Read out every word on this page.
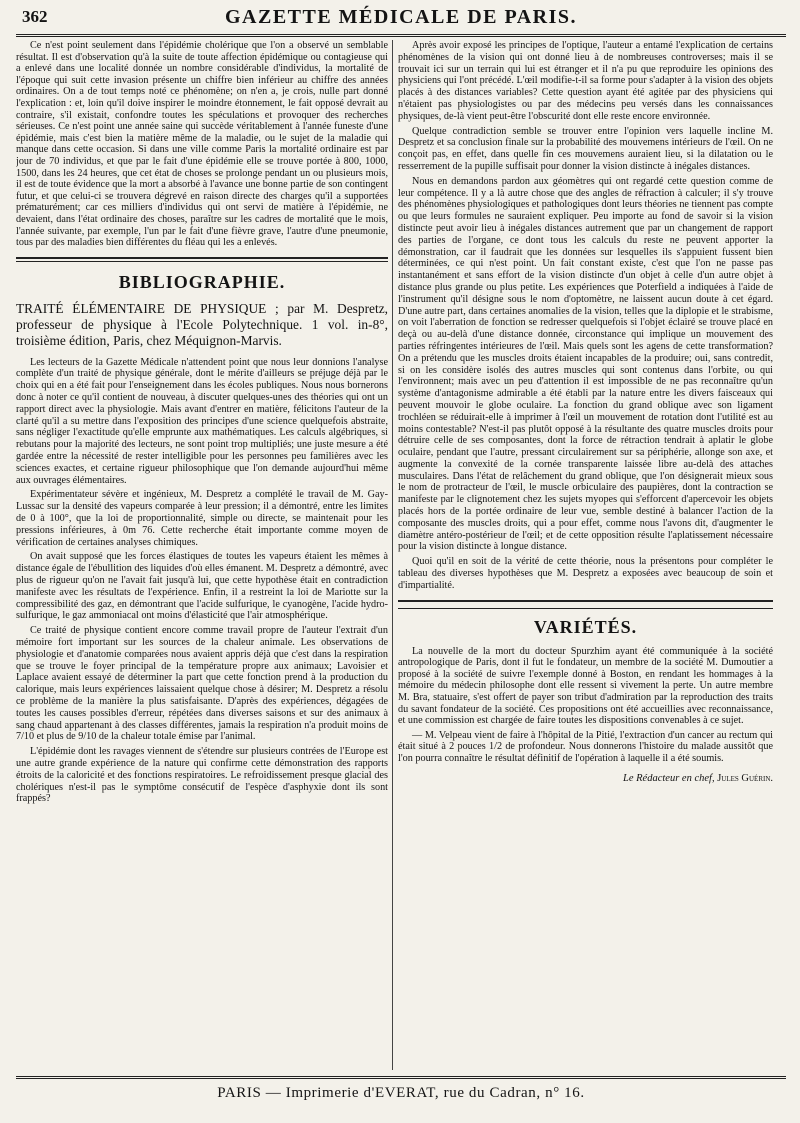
362	GAZETTE MÉDICALE DE PARIS.

Ce n'est point seulement dans l'épidémie cholérique que l'on a observé un semblable résultat. Il est d'observation qu'à la suite de toute affection épidémique ou contagieuse qui a enlevé dans une localité donnée un nombre considérable d'individus, la mortalité de l'époque qui suit cette invasion présente un chiffre bien inférieur au chiffre des années ordinaires. On a de tout temps noté ce phénomène; on n'en a, je crois, nulle part donné l'explication : et, loin qu'il doive inspirer le moindre étonnement, le fait opposé devrait au contraire, s'il existait, confondre toutes les spéculations et provoquer des recherches sérieuses. Ce n'est point une année saine qui succède véritablement à l'année funeste d'une épidémie, mais c'est bien la matière même de la maladie, ou le sujet de la maladie qui manque dans cette occasion. Si dans une ville comme Paris la mortalité ordinaire est par jour de 70 individus, et que par le fait d'une épidémie elle se trouve portée à 800, 1000, 1500, dans les 24 heures, que cet état de choses se prolonge pendant un ou plusieurs mois, il est de toute évidence que la mort a absorbé à l'avance une bonne partie de son contingent futur, et que celui-ci se trouvera dégrevé en raison directe des charges qu'il a supportées prématurément; car ces milliers d'individus qui ont servi de matière à l'épidémie, ne devaient, dans l'état ordinaire des choses, paraître sur les cadres de mortalité que le mois, l'année suivante, par exemple, l'un par le fait d'une fièvre grave, l'autre d'une pneumonie, tous par des maladies bien différentes du fléau qui les a enlevés.

BIBLIOGRAPHIE.

TRAITÉ ÉLÉMENTAIRE DE PHYSIQUE ; par M. Despretz, professeur de physique à l'Ecole Polytechnique. 1 vol. in-8°, troisième édition, Paris, chez Méquignon-Marvis.

Les lecteurs de la Gazette Médicale n'attendent point que nous leur donnions l'analyse complète d'un traité de physique générale, dont le mérite d'ailleurs se préjuge déjà par le choix qui en a été fait pour l'enseignement dans les écoles publiques. Nous nous bornerons donc à noter ce qu'il contient de nouveau, à discuter quelques-unes des théories qui ont un rapport direct avec la physiologie. Mais avant d'entrer en matière, félicitons l'auteur de la clarté qu'il a su mettre dans l'exposition des principes d'une science quelquefois abstraite, sans négliger l'exactitude qu'elle emprunte aux mathématiques. Les calculs algébriques, si rebutans pour la majorité des lecteurs, ne sont point trop multipliés; une juste mesure a été gardée entre la nécessité de rester intelligible pour les personnes peu familières avec les sciences exactes, et certaine rigueur philosophique que l'on demande aujourd'hui même aux ouvrages élémentaires.

Expérimentateur sévère et ingénieux, M. Despretz a complété le travail de M. Gay-Lussac sur la densité des vapeurs comparée à leur pression; il a démontré, entre les limites de 0 à 100°, que la loi de proportionnalité, simple ou directe, se maintenait pour les pressions inférieures, à 0m 76. Cette recherche était importante comme moyen de vérification de certaines analyses chimiques.

On avait supposé que les forces élastiques de toutes les vapeurs étaient les mêmes à distance égale de l'ébullition des liquides d'où elles émanent. M. Despretz a démontré, avec plus de rigueur qu'on ne l'avait fait jusqu'à lui, que cette hypothèse était en contradiction manifeste avec les résultats de l'expérience. Enfin, il a restreint la loi de Mariotte sur la compressibilité des gaz, en démontrant que l'acide sulfurique, le cyanogène, l'acide hydro-sulfurique, le gaz ammoniacal ont moins d'élasticité que l'air atmosphérique.

Ce traité de physique contient encore comme travail propre de l'auteur l'extrait d'un mémoire fort important sur les sources de la chaleur animale. Les observations de physiologie et d'anatomie comparées nous avaient appris déjà que c'est dans la respiration que se trouve le foyer principal de la température propre aux animaux; Lavoisier et Laplace avaient essayé de déterminer la part que cette fonction prend à la production du calorique, mais leurs expériences laissaient quelque chose à désirer; M. Despretz a résolu ce problème de la manière la plus satisfaisante. D'après des expériences, dégagées de toutes les causes possibles d'erreur, répétées dans diverses saisons et sur des animaux à sang chaud appartenant à des classes différentes, jamais la respiration n'a produit moins de 7/10 et plus de 9/10 de la chaleur totale émise par l'animal.

L'épidémie dont les ravages viennent de s'étendre sur plusieurs contrées de l'Europe est une autre grande expérience de la nature qui confirme cette démonstration des rapports étroits de la caloricité et des fonctions respiratoires. Le refroidissement presque glacial des cholériques n'est-il pas le symptôme consécutif de l'espèce d'asphyxie dont ils sont frappés?

Après avoir exposé les principes de l'optique, l'auteur a entamé l'explication de certains phénomènes de la vision qui ont donné lieu à de nombreuses controverses; mais il se trouvait ici sur un terrain qui lui est étranger et il n'a pu que reproduire les opinions des physiciens qui l'ont précédé. L'œil modifie-t-il sa forme pour s'adapter à la vision des objets placés à des distances variables? Cette question ayant été agitée par des physiciens qui n'étaient pas physiologistes ou par des médecins peu versés dans les connaissances physiques, de-là vient peut-être l'obscurité dont elle reste encore environnée.

Quelque contradiction semble se trouver entre l'opinion vers laquelle incline M. Despretz et sa conclusion finale sur la probabilité des mouvemens intérieurs de l'œil. On ne conçoit pas, en effet, dans quelle fin ces mouvemens auraient lieu, si la dilatation ou le resserrement de la pupille suffisait pour donner la vision distincte à inégales distances.

Nous en demandons pardon aux géomètres qui ont regardé cette question comme de leur compétence. Il y a là autre chose que des angles de réfraction à calculer; il s'y trouve des phénomènes physiologiques et pathologiques dont leurs théories ne tiennent pas compte ou que leurs formules ne sauraient expliquer. Peu importe au fond de savoir si la vision distincte peut avoir lieu à inégales distances autrement que par un changement de rapport des parties de l'organe, ce dont tous les calculs du reste ne peuvent apporter la démonstration, car il faudrait que les données sur lesquelles ils s'appuient fussent bien déterminées, ce qui n'est point. Un fait constant existe, c'est que l'on ne passe pas instantanément et sans effort de la vision distincte d'un objet à celle d'un autre objet à distance plus grande ou plus petite. Les expériences que Poterfield a indiquées à l'aide de l'instrument qu'il désigne sous le nom d'optomètre, ne laissent aucun doute à cet égard. D'une autre part, dans certaines anomalies de la vision, telles que la diplopie et le strabisme, on voit l'aberration de fonction se redresser quelquefois si l'objet éclairé se trouve placé en deçà ou au-delà d'une distance donnée, circonstance qui implique un mouvement des parties réfringentes intérieures de l'œil. Mais quels sont les agens de cette transformation? On a prétendu que les muscles droits étaient incapables de la produire; oui, sans contredit, si on les considère isolés des autres muscles qui sont contenus dans l'orbite, ou qui l'environnent; mais avec un peu d'attention il est impossible de ne pas reconnaître qu'un système d'antagonisme admirable a été établi par la nature entre les divers faisceaux qui peuvent mouvoir le globe oculaire. La fonction du grand oblique avec son ligament trochléen se réduirait-elle à imprimer à l'œil un mouvement de rotation dont l'utilité est au moins contestable? N'est-il pas plutôt opposé à la résultante des quatre muscles droits pour détruire celle de ses composantes, dont la force de rétraction tendrait à aplatir le globe oculaire, pendant que l'autre, pressant circulairement sur sa périphérie, allonge son axe, et augmente la convexité de la cornée transparente laissée libre au-delà des attaches musculaires. Dans l'état de relâchement du grand oblique, que l'on désignerait mieux sous le nom de protracteur de l'œil, le muscle orbiculaire des paupières, dont la contraction se manifeste par le clignotement chez les sujets myopes qui s'efforcent d'apercevoir les objets placés hors de la portée ordinaire de leur vue, semble destiné à balancer l'action de la composante des muscles droits, qui a pour effet, comme nous l'avons dit, d'augmenter le diamètre antéro-postérieur de l'œil; et de cette opposition résulte l'aplatissement nécessaire pour la vision distincte à longue distance.

Quoi qu'il en soit de la vérité de cette théorie, nous la présentons pour compléter le tableau des diverses hypothèses que M. Despretz a exposées avec beaucoup de soin et d'impartialité.

VARIÉTÉS.

La nouvelle de la mort du docteur Spurzhim ayant été communiquée à la société antropologique de Paris, dont il fut le fondateur, un membre de la société M. Dumoutier a proposé à la société de suivre l'exemple donné à Boston, en rendant les hommages à la mémoire du médecin philosophe dont elle ressent si vivement la perte. Un autre membre M. Bra, statuaire, s'est offert de payer son tribut d'admiration par la reproduction des traits du savant fondateur de la société. Ces propositions ont été accueillies avec reconnaissance, et une commission est chargée de faire toutes les dispositions convenables à ce sujet.

— M. Velpeau vient de faire à l'hôpital de la Pitié, l'extraction d'un cancer au rectum qui était situé à 2 pouces 1/2 de profondeur. Nous donnerons l'histoire du malade aussitôt que l'on pourra connaître le résultat définitif de l'opération à laquelle il a été soumis.

Le Rédacteur en chef, Jules Guérin.
PARIS — Imprimerie d'EVERAT, rue du Cadran, n° 16.
